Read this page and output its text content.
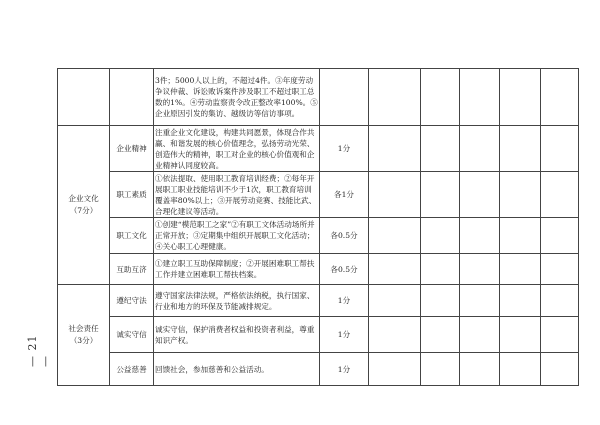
— 21 —
		3件；5000人以上的，不超过4件。③年度劳动争议仲裁、诉讼败诉案件涉及职工不超过职工总数的1%。④劳动监察责令改正整改率100%。⑤企业原因引发的集访、越级访等信访事项。						

企业文化
（7分）	企业精神	注重企业文化建设，构建共同愿景，体现合作共赢、和谐发展的核心价值理念，弘扬劳动光荣、创造伟大的精神，职工对企业的核心价值观和企业精神认同度较高。	1分					
	职工素质	①依法提取、使用职工教育培训经费；②每年开展职工职业技能培训不少于1次，职工教育培训覆盖率80%以上；③开展劳动竞赛、技能比武、合理化建议等活动。	各1分					
	职工文化	①创建“模范职工之家”②有职工文体活动场所并正常开放；③定期集中组织开展职工文化活动；④关心职工心理健康。	各0.5分					
	互助互济	①建立职工互助保障制度；②开展困难职工帮扶工作并建立困难职工帮扶档案。	各0.5分					

社会责任
（3分）	遵纪守法	遵守国家法律法规，严格依法纳税，执行国家、行业和地方的环保及节能减排规定。	1分					
	诚实守信	诚实守信，保护消费者权益和投资者利益，尊重知识产权。	1分					
	公益慈善	回馈社会，参加慈善和公益活动。	1分					
